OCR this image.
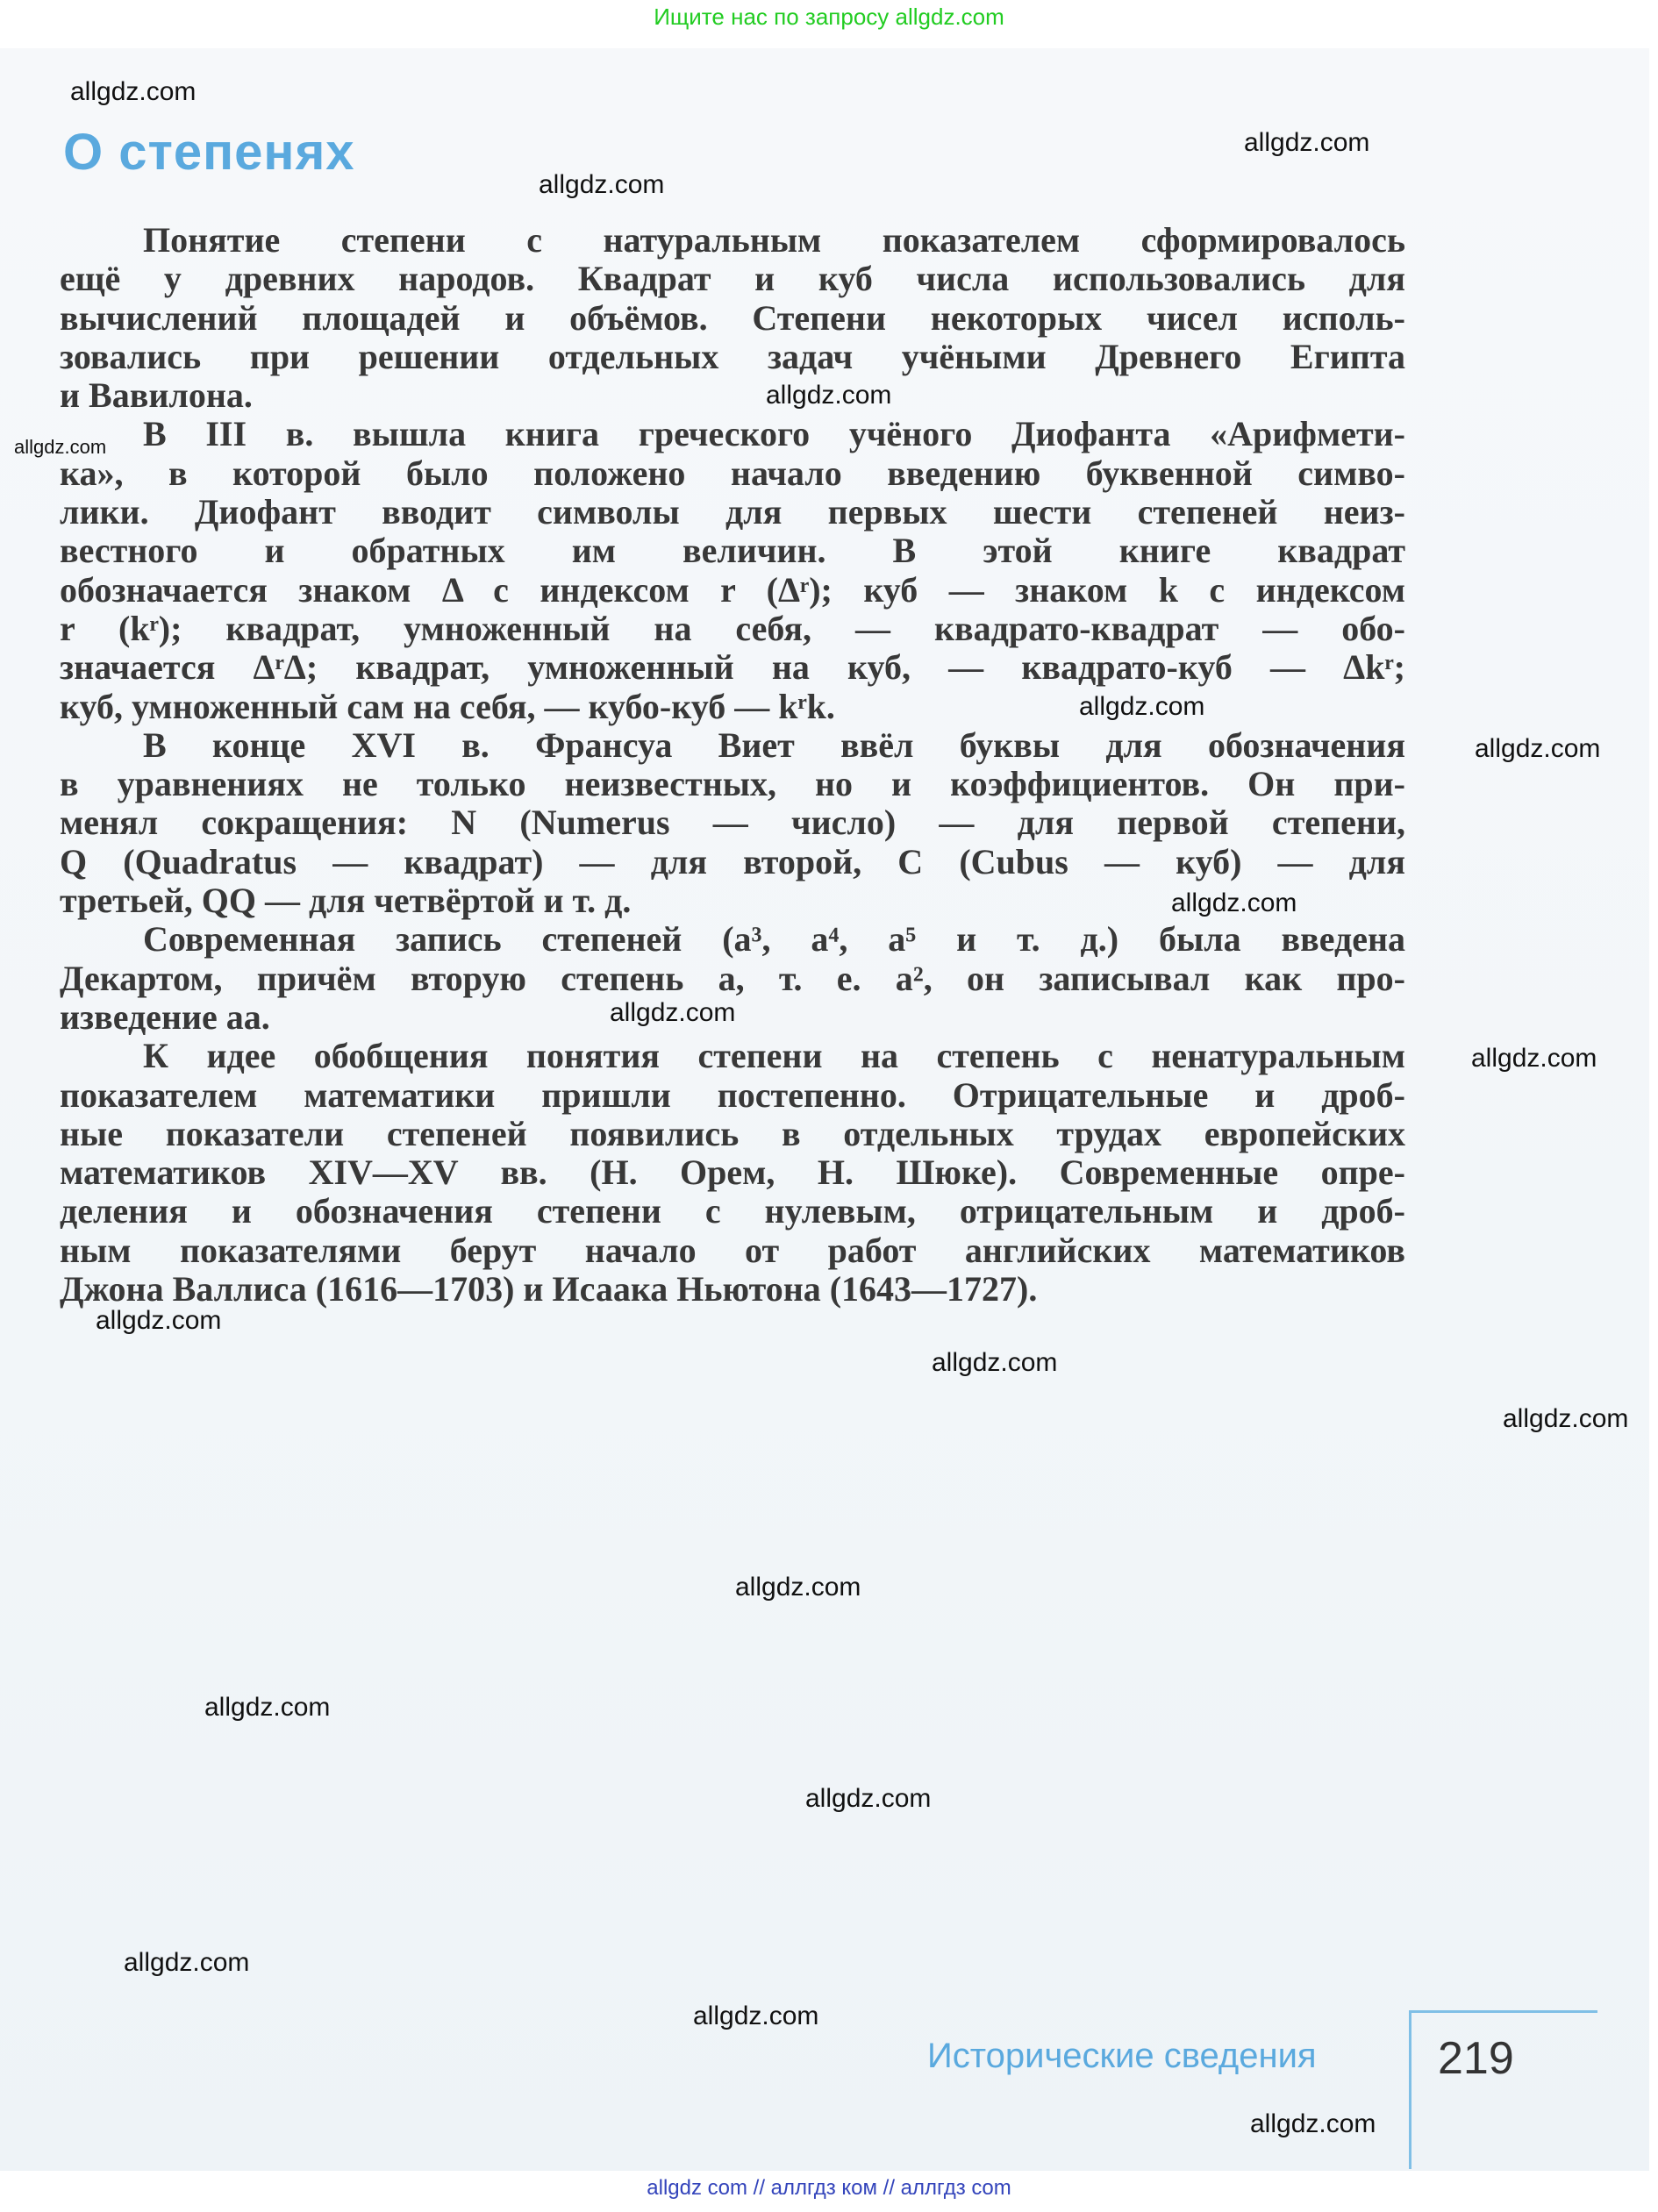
Ищите нас по запросу allgdz.com
О степенях
Понятие степени с натуральным показателем сформировалось
ещё у древних народов. Квадрат и куб числа использовались для
вычислений площадей и объёмов. Степени некоторых чисел исполь-
зовались при решении отдельных задач учёными Древнего Египта
и Вавилона.
В III в. вышла книга греческого учёного Диофанта «Арифмети-
ка», в которой было положено начало введению буквенной симво-
лики. Диофант вводит символы для первых шести степеней неиз-
вестного и обратных им величин. В этой книге квадрат
обозначается знаком Δ с индексом r (Δʳ); куб — знаком k с индексом
r (kʳ); квадрат, умноженный на себя, — квадрато-квадрат — обо-
значается ΔʳΔ; квадрат, умноженный на куб, — квадрато-куб — Δkʳ;
куб, умноженный сам на себя, — кубо-куб — kʳk.
В конце XVI в. Франсуа Виет ввёл буквы для обозначения
в уравнениях не только неизвестных, но и коэффициентов. Он при-
менял сокращения: N (Numerus — число) — для первой степени,
Q (Quadratus — квадрат) — для второй, C (Cubus — куб) — для
третьей, QQ — для четвёртой и т. д.
Современная запись степеней (a³, a⁴, a⁵ и т. д.) была введена
Декартом, причём вторую степень a, т. е. a², он записывал как про-
изведение aa.
К идее обобщения понятия степени на степень с ненатуральным
показателем математики пришли постепенно. Отрицательные и дроб-
ные показатели степеней появились в отдельных трудах европейских
математиков XIV—XV вв. (Н. Орем, Н. Шюке). Современные опре-
деления и обозначения степени с нулевым, отрицательным и дроб-
ным показателями берут начало от работ английских математиков
Джона Валлиса (1616—1703) и Исаака Ньютона (1643—1727).
allgdz.com
allgdz.com
allgdz.com
allgdz.com
allgdz.com
allgdz.com
allgdz.com
allgdz.com
allgdz.com
allgdz.com
allgdz.com
allgdz.com
allgdz.com
allgdz.com
allgdz.com
allgdz.com
allgdz.com
allgdz.com
allgdz.com
Исторические сведения	219
allgdz com // аллгдз ком // аллгдз com
